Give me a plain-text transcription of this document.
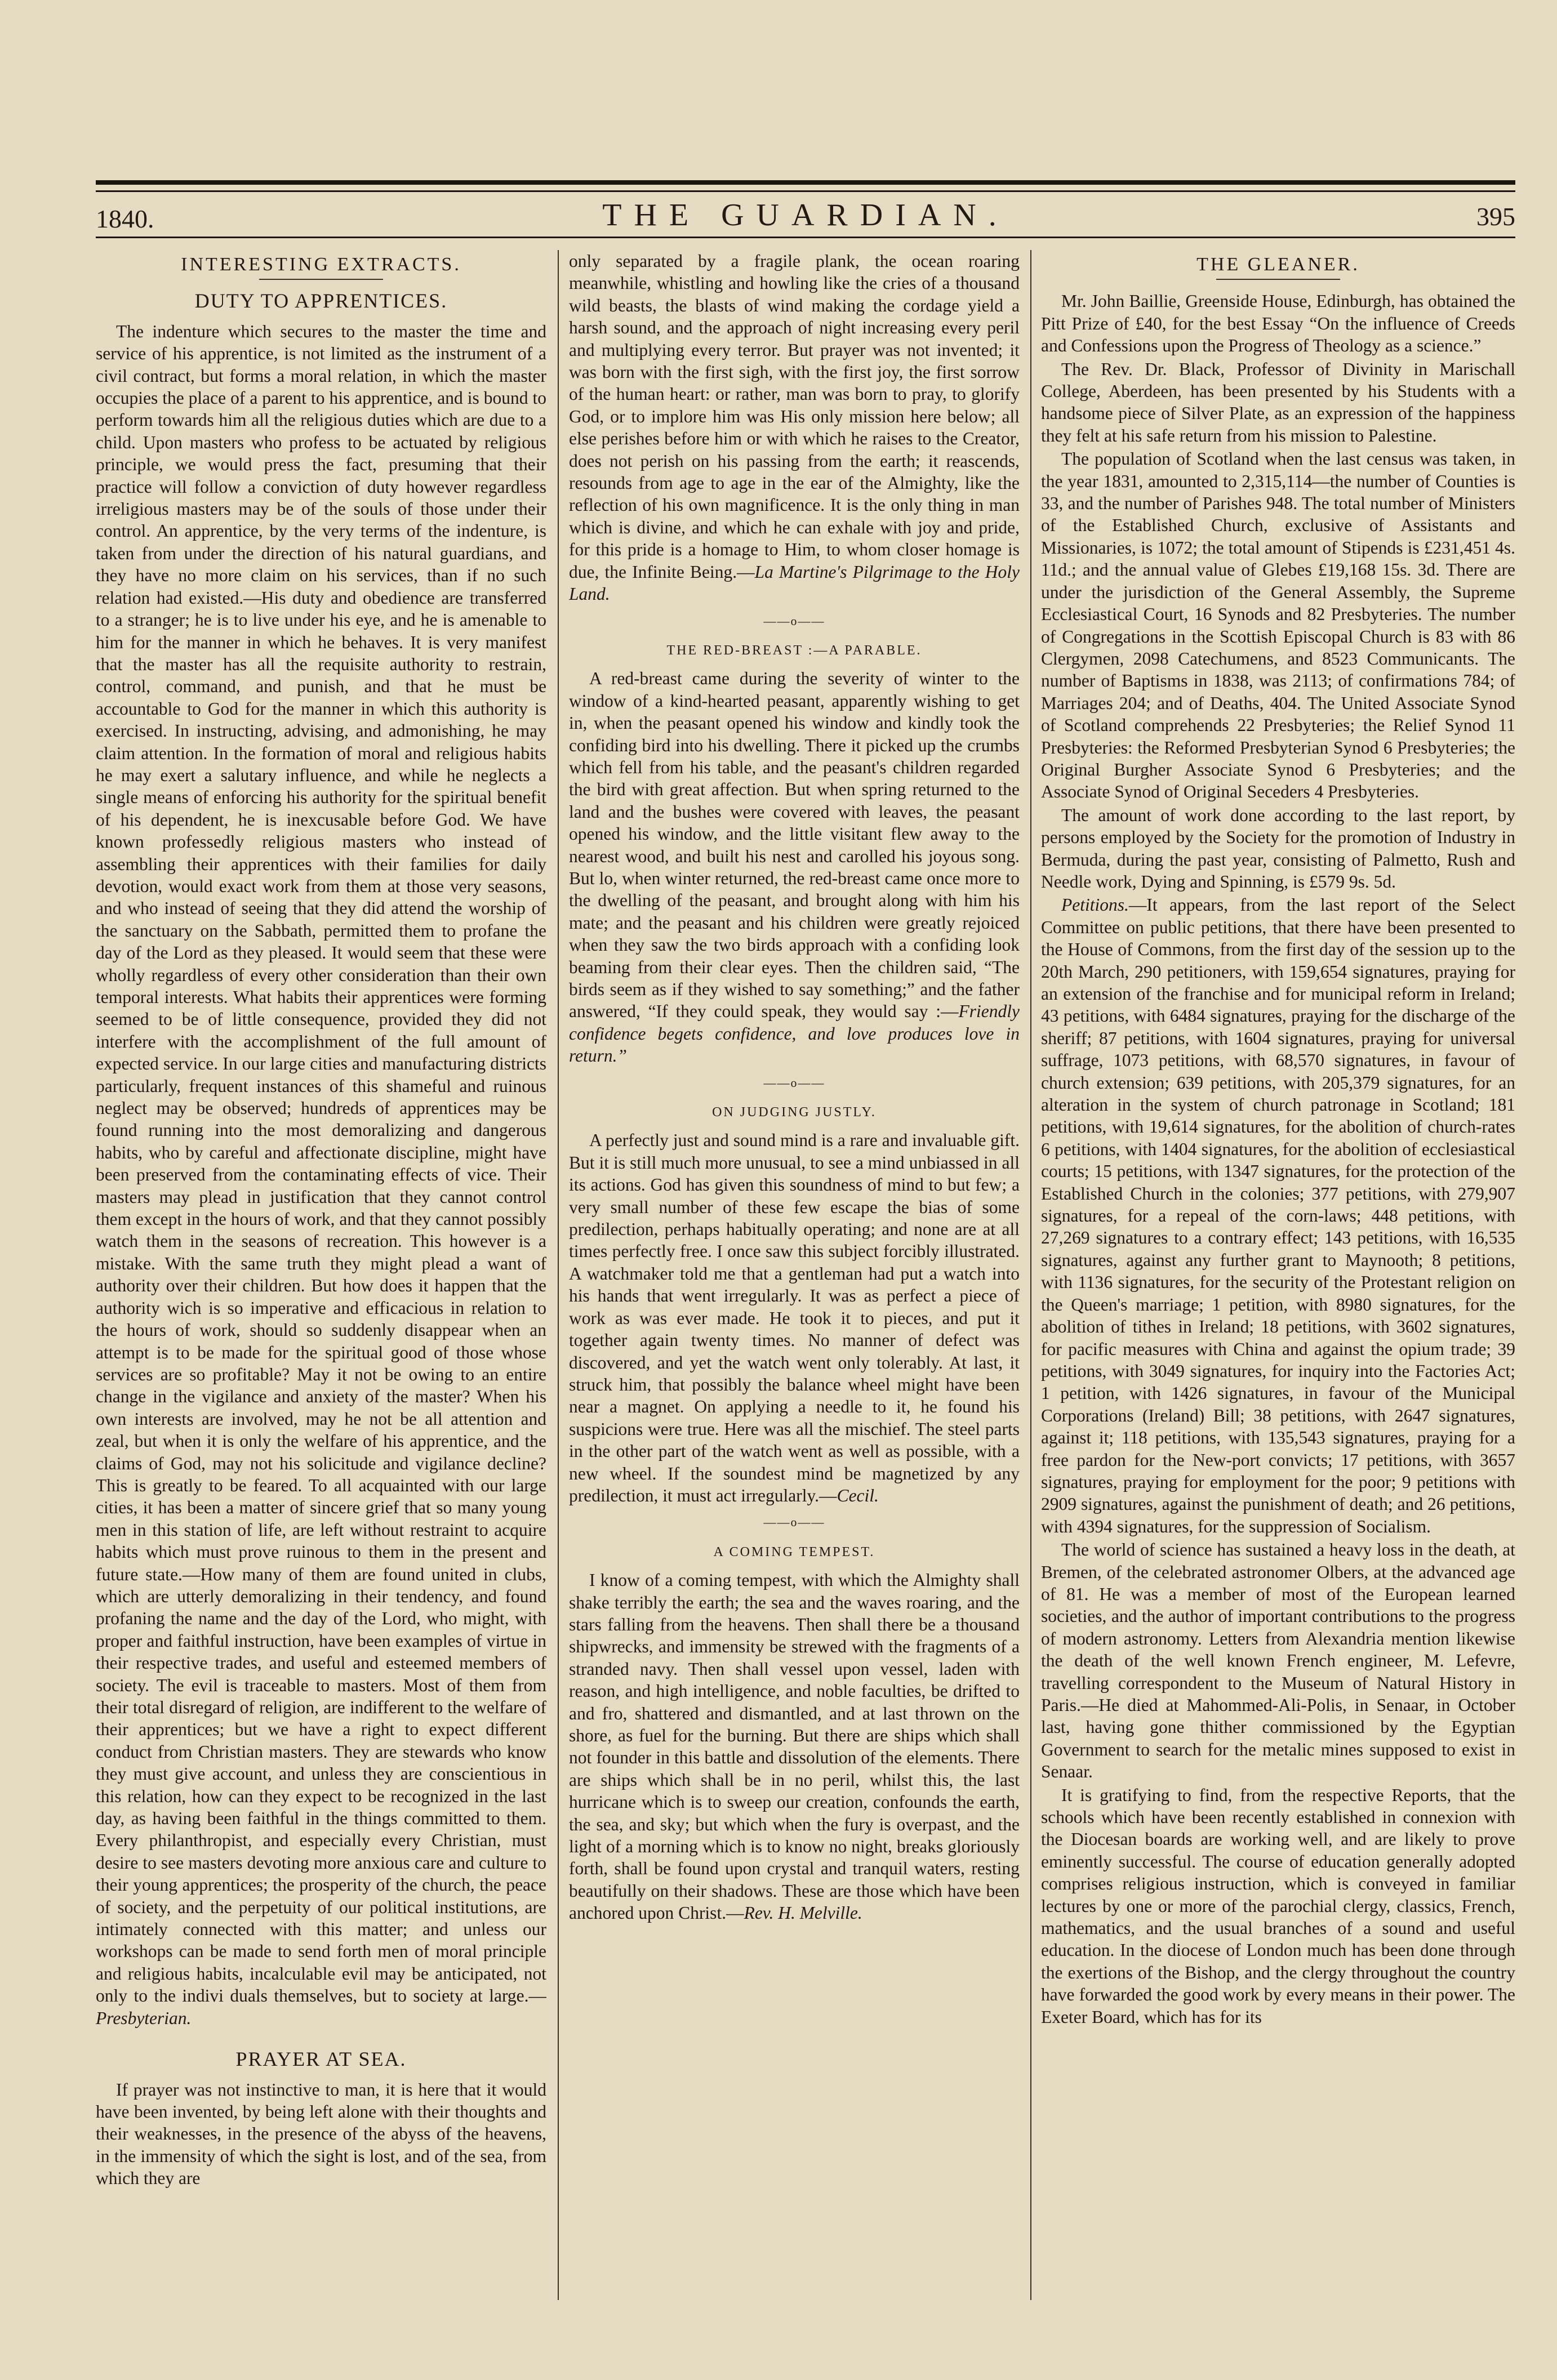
1840.	THE GUARDIAN.	395
INTERESTING EXTRACTS.
DUTY TO APPRENTICES.

The indenture which secures to the master the time and service of his apprentice, is not limited as the instrument of a civil contract, but forms a moral relation, in which the master occupies the place of a parent to his apprentice, and is bound to perform towards him all the religious duties which are due to a child. Upon masters who profess to be actuated by religious principle, we would press the fact, presuming that their practice will follow a conviction of duty however regardless irreligious masters may be of the souls of those under their control. An apprentice, by the very terms of the indenture, is taken from under the direction of his natural guardians, and they have no more claim on his services, than if no such relation had existed.—His duty and obedience are transferred to a stranger; he is to live under his eye, and he is amenable to him for the manner in which he behaves. It is very manifest that the master has all the requisite authority to restrain, control, command, and punish, and that he must be accountable to God for the manner in which this authority is exercised. In instructing, advising, and admonishing, he may claim attention. In the formation of moral and religious habits he may exert a salutary influence, and while he neglects a single means of enforcing his authority for the spiritual benefit of his dependent, he is inexcusable before God. We have known professedly religious masters who instead of assembling their apprentices with their families for daily devotion, would exact work from them at those very seasons, and who instead of seeing that they did attend the worship of the sanctuary on the Sabbath, permitted them to profane the day of the Lord as they pleased. It would seem that these were wholly regardless of every other consideration than their own temporal interests. What habits their apprentices were forming seemed to be of little consequence, provided they did not interfere with the accomplishment of the full amount of expected service. In our large cities and manufacturing districts particularly, frequent instances of this shameful and ruinous neglect may be observed; hundreds of apprentices may be found running into the most demoralizing and dangerous habits, who by careful and affectionate discipline, might have been preserved from the contaminating effects of vice. Their masters may plead in justification that they cannot control them except in the hours of work, and that they cannot possibly watch them in the seasons of recreation. This however is a mistake. With the same truth they might plead a want of authority over their children. But how does it happen that the authority wich is so imperative and efficacious in relation to the hours of work, should so suddenly disappear when an attempt is to be made for the spiritual good of those whose services are so profitable? May it not be owing to an entire change in the vigilance and anxiety of the master? When his own interests are involved, may he not be all attention and zeal, but when it is only the welfare of his apprentice, and the claims of God, may not his solicitude and vigilance decline? This is greatly to be feared. To all acquainted with our large cities, it has been a matter of sincere grief that so many young men in this station of life, are left without restraint to acquire habits which must prove ruinous to them in the present and future state.—How many of them are found united in clubs, which are utterly demoralizing in their tendency, and found profaning the name and the day of the Lord, who might, with proper and faithful instruction, have been examples of virtue in their respective trades, and useful and esteemed members of society. The evil is traceable to masters. Most of them from their total disregard of religion, are indifferent to the welfare of their apprentices; but we have a right to expect different conduct from Christian masters. They are stewards who know they must give account, and unless they are conscientious in this relation, how can they expect to be recognized in the last day, as having been faithful in the things committed to them. Every philanthropist, and especially every Christian, must desire to see masters devoting more anxious care and culture to their young apprentices; the prosperity of the church, the peace of society, and the perpetuity of our political institutions, are intimately connected with this matter; and unless our workshops can be made to send forth men of moral principle and religious habits, incalculable evil may be anticipated, not only to the indivi duals themselves, but to society at large.—Presbyterian.

PRAYER AT SEA.

If prayer was not instinctive to man, it is here that it would have been invented, by being left alone with their thoughts and their weaknesses, in the presence of the abyss of the heavens, in the immensity of which the sight is lost, and of the sea, from which they are

only separated by a fragile plank, the ocean roaring meanwhile, whistling and howling like the cries of a thousand wild beasts, the blasts of wind making the cordage yield a harsh sound, and the approach of night increasing every peril and multiplying every terror. But prayer was not invented; it was born with the first sigh, with the first joy, the first sorrow of the human heart: or rather, man was born to pray, to glorify God, or to implore him was His only mission here below; all else perishes before him or with which he raises to the Creator, does not perish on his passing from the earth; it reascends, resounds from age to age in the ear of the Almighty, like the reflection of his own magnificence. It is the only thing in man which is divine, and which he can exhale with joy and pride, for this pride is a homage to Him, to whom closer homage is due, the Infinite Being.—La Martine's Pilgrimage to the Holy Land.

——o——
THE RED-BREAST :—A PARABLE.

A red-breast came during the severity of winter to the window of a kind-hearted peasant, apparently wishing to get in, when the peasant opened his window and kindly took the confiding bird into his dwelling. There it picked up the crumbs which fell from his table, and the peasant's children regarded the bird with great affection. But when spring returned to the land and the bushes were covered with leaves, the peasant opened his window, and the little visitant flew away to the nearest wood, and built his nest and carolled his joyous song. But lo, when winter returned, the red-breast came once more to the dwelling of the peasant, and brought along with him his mate; and the peasant and his children were greatly rejoiced when they saw the two birds approach with a confiding look beaming from their clear eyes. Then the children said, “The birds seem as if they wished to say something;” and the father answered, “If they could speak, they would say :—Friendly confidence begets confidence, and love produces love in return.”

——o——
ON JUDGING JUSTLY.

A perfectly just and sound mind is a rare and invaluable gift. But it is still much more unusual, to see a mind unbiassed in all its actions. God has given this soundness of mind to but few; a very small number of these few escape the bias of some predilection, perhaps habitually operating; and none are at all times perfectly free. I once saw this subject forcibly illustrated. A watchmaker told me that a gentleman had put a watch into his hands that went irregularly. It was as perfect a piece of work as was ever made. He took it to pieces, and put it together again twenty times. No manner of defect was discovered, and yet the watch went only tolerably. At last, it struck him, that possibly the balance wheel might have been near a magnet. On applying a needle to it, he found his suspicions were true. Here was all the mischief. The steel parts in the other part of the watch went as well as possible, with a new wheel. If the soundest mind be magnetized by any predilection, it must act irregularly.—Cecil.

——o——
A COMING TEMPEST.

I know of a coming tempest, with which the Almighty shall shake terribly the earth; the sea and the waves roaring, and the stars falling from the heavens. Then shall there be a thousand shipwrecks, and immensity be strewed with the fragments of a stranded navy. Then shall vessel upon vessel, laden with reason, and high intelligence, and noble faculties, be drifted to and fro, shattered and dismantled, and at last thrown on the shore, as fuel for the burning. But there are ships which shall not founder in this battle and dissolution of the elements. There are ships which shall be in no peril, whilst this, the last hurricane which is to sweep our creation, confounds the earth, the sea, and sky; but which when the fury is overpast, and the light of a morning which is to know no night, breaks gloriously forth, shall be found upon crystal and tranquil waters, resting beautifully on their shadows. These are those which have been anchored upon Christ.—Rev. H. Melville.

THE GLEANER.

Mr. John Baillie, Greenside House, Edinburgh, has obtained the Pitt Prize of £40, for the best Essay “On the influence of Creeds and Confessions upon the Progress of Theology as a science.”

The Rev. Dr. Black, Professor of Divinity in Marischall College, Aberdeen, has been presented by his Students with a handsome piece of Silver Plate, as an expression of the happiness they felt at his safe return from his mission to Palestine.

The population of Scotland when the last census was taken, in the year 1831, amounted to 2,315,114—the number of Counties is 33, and the number of Parishes 948. The total number of Ministers of the Established Church, exclusive of Assistants and Missionaries, is 1072; the total amount of Stipends is £231,451 4s. 11d.; and the annual value of Glebes £19,168 15s. 3d. There are under the jurisdiction of the General Assembly, the Supreme Ecclesiastical Court, 16 Synods and 82 Presbyteries. The number of Congregations in the Scottish Episcopal Church is 83 with 86 Clergymen, 2098 Catechumens, and 8523 Communicants. The number of Baptisms in 1838, was 2113; of confirmations 784; of Marriages 204; and of Deaths, 404. The United Associate Synod of Scotland comprehends 22 Presbyteries; the Relief Synod 11 Presbyteries: the Reformed Presbyterian Synod 6 Presbyteries; the Original Burgher Associate Synod 6 Presbyteries; and the Associate Synod of Original Seceders 4 Presbyteries.

The amount of work done according to the last report, by persons employed by the Society for the promotion of Industry in Bermuda, during the past year, consisting of Palmetto, Rush and Needle work, Dying and Spinning, is £579 9s. 5d.

Petitions.—It appears, from the last report of the Select Committee on public petitions, that there have been presented to the House of Commons, from the first day of the session up to the 20th March, 290 petitioners, with 159,654 signatures, praying for an extension of the franchise and for municipal reform in Ireland; 43 petitions, with 6484 signatures, praying for the discharge of the sheriff; 87 petitions, with 1604 signatures, praying for universal suffrage, 1073 petitions, with 68,570 signatures, in favour of church extension; 639 petitions, with 205,379 signatures, for an alteration in the system of church patronage in Scotland; 181 petitions, with 19,614 signatures, for the abolition of church-rates 6 petitions, with 1404 signatures, for the abolition of ecclesiastical courts; 15 petitions, with 1347 signatures, for the protection of the Established Church in the colonies; 377 petitions, with 279,907 signatures, for a repeal of the corn-laws; 448 petitions, with 27,269 signatures to a contrary effect; 143 petitions, with 16,535 signatures, against any further grant to Maynooth; 8 petitions, with 1136 signatures, for the security of the Protestant religion on the Queen's marriage; 1 petition, with 8980 signatures, for the abolition of tithes in Ireland; 18 petitions, with 3602 signatures, for pacific measures with China and against the opium trade; 39 petitions, with 3049 signatures, for inquiry into the Factories Act; 1 petition, with 1426 signatures, in favour of the Municipal Corporations (Ireland) Bill; 38 petitions, with 2647 signatures, against it; 118 petitions, with 135,543 signatures, praying for a free pardon for the New-port convicts; 17 petitions, with 3657 signatures, praying for employment for the poor; 9 petitions with 2909 signatures, against the punishment of death; and 26 petitions, with 4394 signatures, for the suppression of Socialism.

The world of science has sustained a heavy loss in the death, at Bremen, of the celebrated astronomer Olbers, at the advanced age of 81. He was a member of most of the European learned societies, and the author of important contributions to the progress of modern astronomy. Letters from Alexandria mention likewise the death of the well known French engineer, M. Lefevre, travelling correspondent to the Museum of Natural History in Paris.—He died at Mahommed-Ali-Polis, in Senaar, in October last, having gone thither commissioned by the Egyptian Government to search for the metalic mines supposed to exist in Senaar.

It is gratifying to find, from the respective Reports, that the schools which have been recently established in connexion with the Diocesan boards are working well, and are likely to prove eminently successful. The course of education generally adopted comprises religious instruction, which is conveyed in familiar lectures by one or more of the parochial clergy, classics, French, mathematics, and the usual branches of a sound and useful education. In the diocese of London much has been done through the exertions of the Bishop, and the clergy throughout the country have forwarded the good work by every means in their power. The Exeter Board, which has for its
